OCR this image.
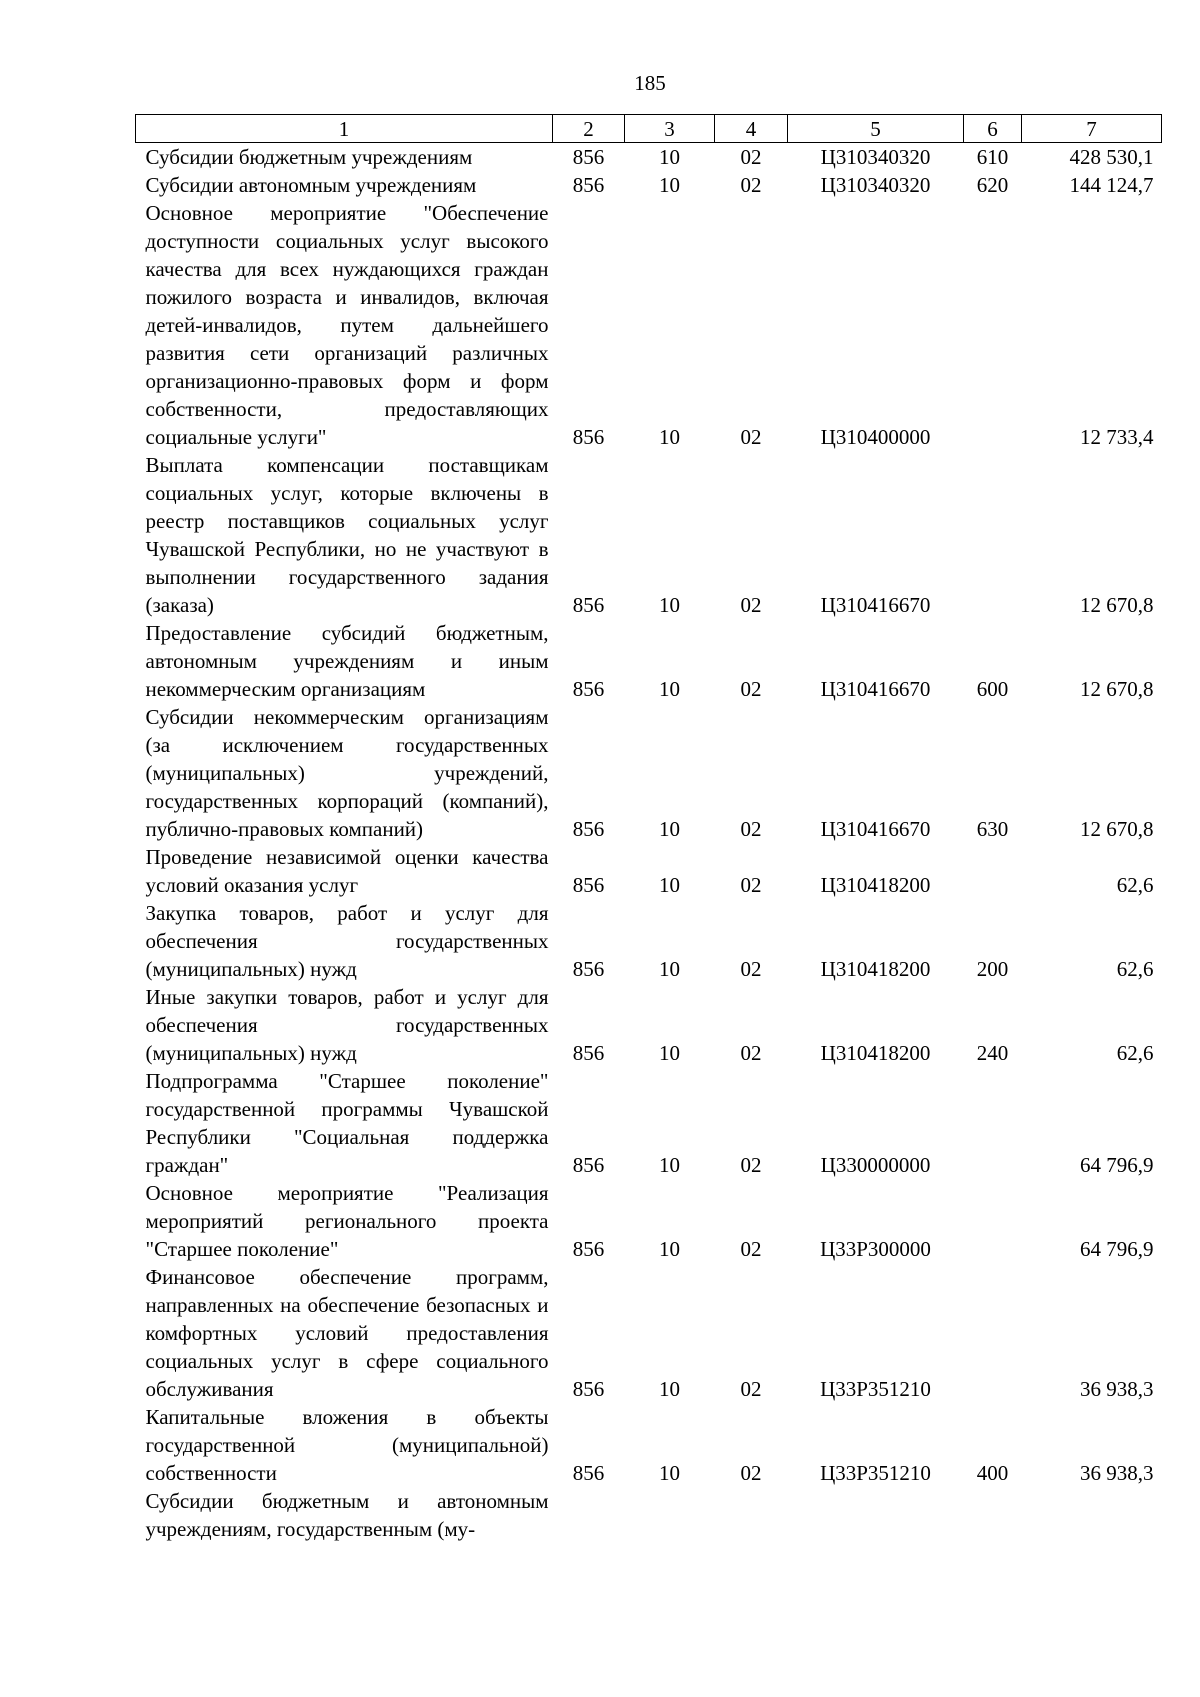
185
1	2	3	4	5	6	7
Субсидии бюджетным учреждениям	856	10	02	Ц310340320	610	428 530,1
Субсидии автономным учреждениям	856	10	02	Ц310340320	620	144 124,7
Основное мероприятие "Обеспечение доступности социальных услуг высокого качества для всех нуждающихся граждан пожилого возраста и инвалидов, включая детей-инвалидов, путем дальнейшего развития сети организаций различных организационно-правовых форм и форм собственности, предоставляющих социальные услуги"	856	10	02	Ц310400000		12 733,4
Выплата компенсации поставщикам социальных услуг, которые включены в реестр поставщиков социальных услуг Чувашской Республики, но не участвуют в выполнении государственного задания (заказа)	856	10	02	Ц310416670		12 670,8
Предоставление субсидий бюджетным, автономным учреждениям и иным некоммерческим организациям	856	10	02	Ц310416670	600	12 670,8
Субсидии некоммерческим организациям (за исключением государственных (муниципальных) учреждений, государственных корпораций (компаний), публично-правовых компаний)	856	10	02	Ц310416670	630	12 670,8
Проведение независимой оценки качества условий оказания услуг	856	10	02	Ц310418200		62,6
Закупка товаров, работ и услуг для обеспечения государственных (муниципальных) нужд	856	10	02	Ц310418200	200	62,6
Иные закупки товаров, работ и услуг для обеспечения государственных (муниципальных) нужд	856	10	02	Ц310418200	240	62,6
Подпрограмма "Старшее поколение" государственной программы Чувашской Республики "Социальная поддержка граждан"	856	10	02	Ц330000000		64 796,9
Основное мероприятие "Реализация мероприятий регионального проекта "Старшее поколение"	856	10	02	Ц33P300000		64 796,9
Финансовое обеспечение программ, направленных на обеспечение безопасных и комфортных условий предоставления социальных услуг в сфере социального обслуживания	856	10	02	Ц33P351210		36 938,3
Капитальные вложения в объекты государственной (муниципальной) собственности	856	10	02	Ц33P351210	400	36 938,3
Субсидии бюджетным и автономным учреждениям, государственным (му-						
